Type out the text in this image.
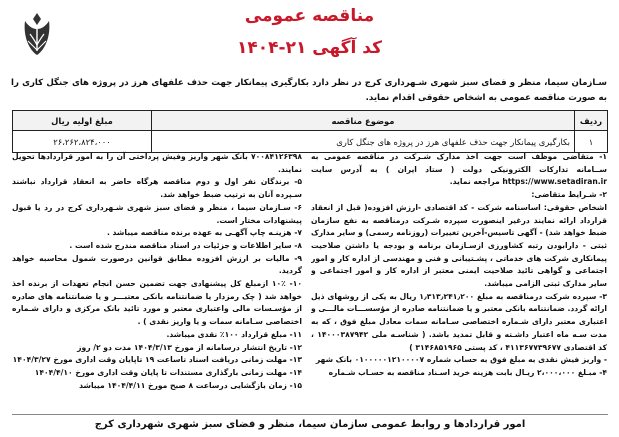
مناقصه عمومی
کد آگهی ۲۱-۱۴۰۴
سـازمان سیما، منظر و فضای سبز شهری شـهرداری کرج در نظر دارد بکارگیری پیمانکار جهت حذف علفهای هرز در پروژه های جنگل کاری را به صورت مناقصه عمومی به اشخاص حقوقی اقدام نماید.
ردیف	موضوع مناقصه	مبلغ اولیه ریال
۱	بکارگیری پیمانکار جهت حذف علفهای هرز در پروژه های جنگل کاری	۲۶،۲۶۲،۸۲۴،۰۰۰

۱- متقاضی موظف است جهت اخذ مدارک شـرکت در مناقصه عمومی به ســامانه تدارکات الکترونیکی دولت ( ستاد ایران ) به آدرس سایت https://www.setadiran.ir مراجعه نماید.

۲- شـرایط متقاضی:

اشخاص حقوقی: اساسنامه شرکت - کد اقتصادی -ارزش افزوده( قبل از انعقاد قرارداد ارائه نمایند درغیر اینصورت سپرده شـرکت درمناقصه به نفع سازمان ضبط خواهد شد) - آگهی تاسیس-آخرین تغییرات (روزنامه رسمی) و سایر مدارک ثبتی - دارابودن رتبه کشاورزی ازسـازمان برنامه و بودجه یا داشتن صلاحیت پیمانکاری شرکت های خدماتی ، پشـتیبانی و فنی و مهندسی از اداره کار و امور اجتماعی و گواهی تائید صلاحیت ایمنی معتبر از اداره کار و امور اجتماعی و سایر مدارک ثبتی الزامی میباشد.

۳- سپرده شرکت درمناقصه به مبلغ ۱٫۳۱۳٫۲۴۱٫۲۰۰ ریال به یکی از روشهای ذیل ارائه گردد. ضمانتنامه بانکی معتبر و یا ضمانتنامه صادره از مؤسســـات مالـــی و اعتباری معتبر دارای شـماره اختصاصی سـامانه سمات معادل مبلغ فوق ، که به مدت سـه ماه اعتبار داشـته و قابل تمدید باشد. ( شناسـه ملی ۱۴۰۰۰۳۸۷۹۴۲ ، کد اقتصادی ۴۱۱۳۶۷۷۳۹۶۷۷ ، کد پستی ۳۱۴۶۸۵۱۹۶۵ )

- واریز فیش نقدی به مبلغ فوق به حساب شماره ۰۱۰۰۰۰۰۱۲۱۰۰۰۰۷ بانک شهر

۴- مبـلغ ۲،۰۰۰،۰۰۰ ریـال بابت هزینه خرید اسـناد مناقصه به حسـاب شـماره

۷۰۰۸۴۱۲۶۳۹۸ بانک شهر واریز وفیش پرداختی آن را به امور قراردادها تحویل نمایند.

۵- برندگان نفر اول و دوم مناقصه هرگاه حاضر به انعقاد قرارداد نباشند سـپرده آنان به ترتیب ضبط خواهد شد.

۶- سـازمان سیما ، منظر و فضای سبز شهری شـهرداری کرج در رد یا قبول پیشنهادات مختار است.

۷- هزینـه چاپ آگهـی به عهده برنده مناقصه میباشد .

۸- سایر اطلاعات و جزئیات در اسناد مناقصه مندرج شده است .

۹- مالیات بر ارزش افزوده مطابق قوانین درصورت شمول محاسبه خواهد گردید.

۱۰- ۱۰٪ ازمبلغ کل پیشنهادی جهت تضمین حسن انجام تعهدات از برنده اخذ خواهد شد ( چک رمزدار یا ضمانتنامه بانکی معتبـــر و یا ضمانتنامه های صادره از مؤسـسات مالی واعتباری معتبر و مورد تائید بانک مرکزی و دارای شـماره اختصاصی سـامانه سمات و یا واریز نقدی ) .

۱۱- مبلغ قرارداد ۱۰۰٪ نقدی میباشد.

۱۲- تاریخ انتشار درسامانه از مورخ ۱۴۰۴/۳/۱۳ مدت دو ۲/ روز

۱۳- مهلت زمانی دریافت اسناد تاساعت ۱۹ تاپایان وقت اداری مورخ ۱۴۰۴/۳/۲۷

۱۴- مهلت زمانی بارگذاری مستندات تا پایان وقت اداری مورخ ۱۴۰۴/۴/۱۰

۱۵- زمان بازگشایی درساعت ۸ صبح مورخ ۱۴۰۴/۴/۱۱ میباشد

امور قراردادها و روابط عمومی سازمان سیما، منظر و فضای سبز شهری شهرداری کرج
